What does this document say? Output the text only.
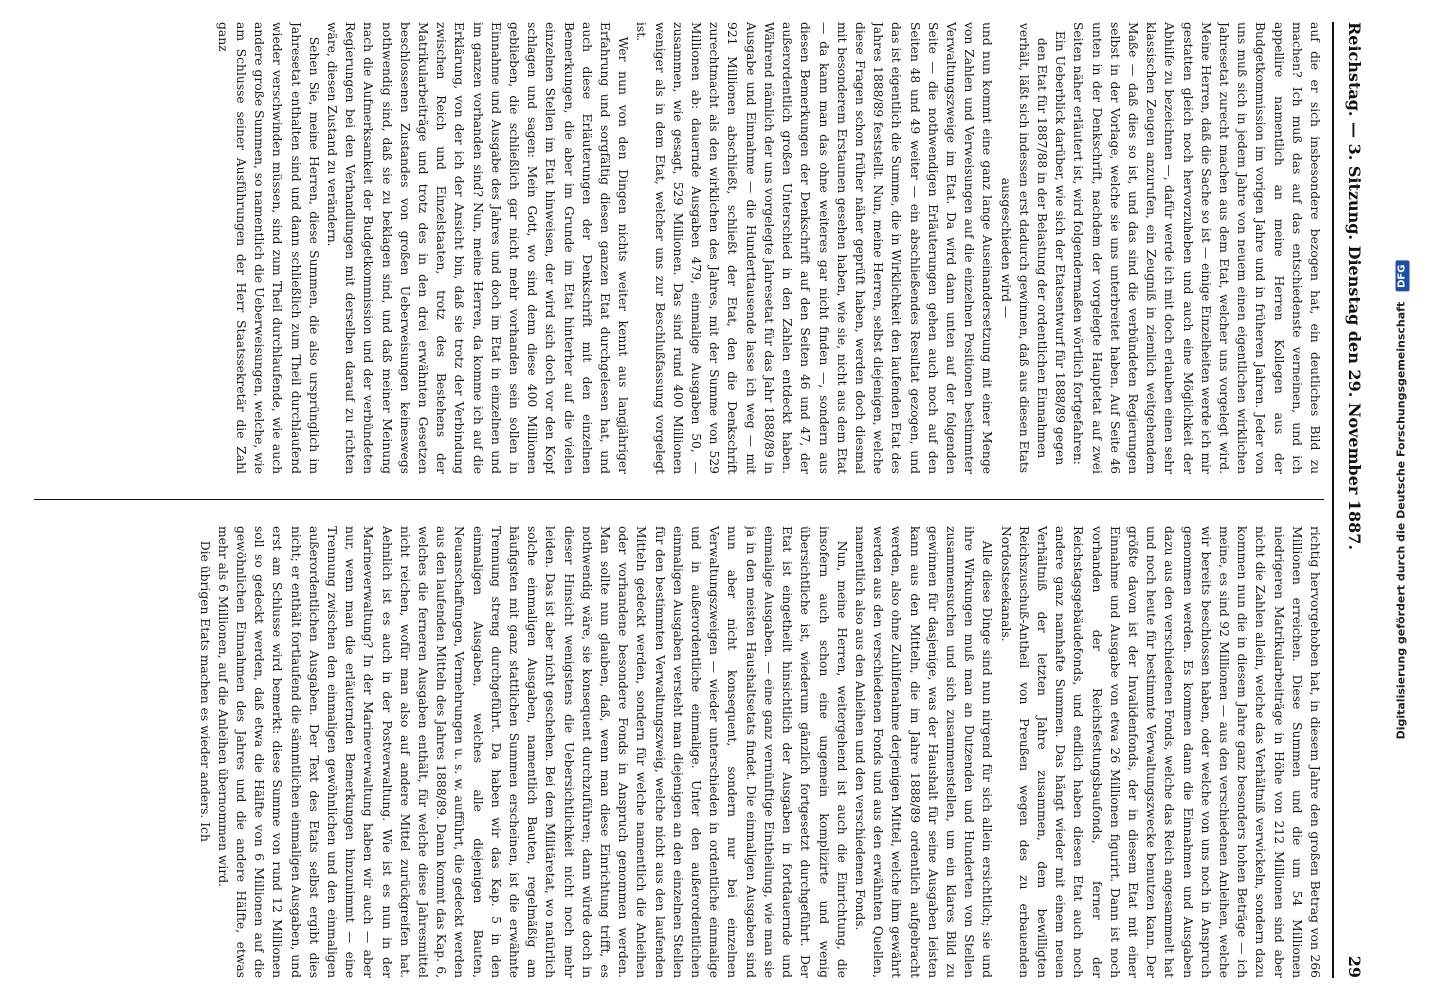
Reichstag. — 3. Sitzung. Dienstag den 29. November 1887.
29

auf die er sich insbesondere bezogen hat, ein deutliches Bild zu machen? Ich muß das auf das entschiedenste verneinen, und ich appellire namentlich an meine Herren Kollegen aus der Budgetkommission im vorigen Jahre und in früheren Jahren. Jeder von uns muß sich in jedem Jahre von neuem einen eigentlichen wirklichen Jahresetat zurecht machen aus dem Etat, welcher uns vorgelegt wird. Meine Herren, daß die Sache so ist — einige Einzelheiten werde ich mir gestatten gleich noch hervorzuheben und auch eine Möglichkeit der Abhilfe zu bezeichnen —, dafür werde ich mit doch erlauben einen sehr klassischen Zeugen anzurufen, ein Zeugniß in ziemlich weitgehendem Maße — daß dies so ist, und das sind die verbündeten Regierungen selbst in der Vorlage, welche sie uns unterbreitet haben. Auf Seite 46 unten in der Denkschrift, nachdem der vorgelegte Hauptetat auf zwei Seiten näher erläutert ist, wird folgendermaßen wörtlich fortgefahren:

Ein Ueberblick darüber, wie sich der Etatsentwurf für 1888/89 gegen den Etat für 1887/88 in der Belastung der ordentlichen Einnahmen verhält, läßt sich indessen erst dadurch gewinnen, daß aus diesen Etats ausgeschieden wird —

und nun kommt eine ganz lange Auseinandersetzung mit einer Menge von Zahlen und Verweisungen auf die einzelnen Positionen bestimmter Verwaltungszweige im Etat. Da wird dann unten auf der folgenden Seite — die nothwendigen Erläuterungen gehen auch noch auf den Seiten 48 und 49 weiter — ein abschließendes Resultat gezogen, und das ist eigentlich die Summe, die in Wirklichkeit den laufenden Etat des Jahres 1888/89 feststellt. Nun, meine Herren, selbst diejenigen, welche diese Fragen schon früher näher geprüft haben, werden doch diesmal mit besonderem Erstaunen gesehen haben, wie sie, nicht aus dem Etat — da kann man das ohne weiteres gar nicht finden —, sondern aus diesen Bemerkungen der Denkschrift auf den Seiten 46 und 47, der außerordentlich großen Unterschied in den Zahlen entdeckt haben. Während nämlich der uns vorgelegte Jahresetat für das Jahr 1888/89 in Ausgabe und Einnahme — die Hunderttausende lasse ich weg — mit 921 Millionen abschließt, schließt der Etat, den die Denkschrift zurechtmacht als den wirklichen des Jahres, mit der Summe von 529 Millionen ab: dauernde Ausgaben 479, einmalige Ausgaben 50, — zusammen, wie gesagt, 529 Millionen. Das sind rund 400 Millionen weniger als in dem Etat, welcher uns zur Beschlußfassung vorgelegt ist.

Wer nun von den Dingen nichts weiter kennt aus langjähriger Erfahrung und sorgfältig diesen ganzen Etat durchgelesen hat, und auch diese Erläuterungen der Denkschrift mit den einzelnen Bemerkungen, die aber im Grunde im Etat hinterher auf die vielen einzelnen Stellen im Etat hinweisen, der wird sich doch vor den Kopf schlagen und sagen: Mein Gott, wo sind denn diese 400 Millionen geblieben, die schließlich gar nicht mehr vorhanden sein sollen in Einnahme und Ausgabe des Jahres und doch im Etat in einzelnen und im ganzen vorhanden sind? Nun, meine Herren, da komme ich auf die Erklärung, von der ich der Ansicht bin, daß sie trotz der Verbindung zwischen Reich und Einzelstaaten, trotz des Bestehens der Matrikularbeiträge und trotz des in den drei erwähnten Gesetzen beschlossenen Zustandes von großen Ueberweisungen keineswegs nothwendig sind, daß sie zu beklagen sind, und daß meiner Meinung nach die Aufmerksamkeit der Budgetkommission und der verbündeten Regierungen bei den Verhandlungen mit derselben darauf zu richten wäre, diesen Zustand zu verändern.

Sehen Sie, meine Herren, diese Summen, die also ursprünglich im Jahresetat enthalten sind und dann schließlich zum Theil durchlaufend wieder verschwinden müssen, sind zum Theil durchlaufende, wie auch andere große Summen, so namentlich die Ueberweisungen, welche, wie am Schlusse seiner Ausführungen der Herr Staatssekretär die Zahl ganz

richtig hervorgehoben hat, in diesem Jahre den großen Betrag von 266 Millionen erreichen. Diese Summen und die um 54 Millionen niedrigeren Matrikularbeiträge in Höhe von 212 Millionen sind aber nicht die Zahlen allein, welche das Verhältniß verwickeln, sondern dazu kommen nun die in diesem Jahre ganz besonders hohen Beträge — ich meine, es sind 92 Millionen — aus den verschiedenen Anleihen, welche wir bereits beschlossen haben, oder welche von uns noch in Anspruch genommen werden. Es kommen dann die Einnahmen und Ausgaben dazu aus den verschiedenen Fonds, welche das Reich angesammelt hat und noch heute für bestimmte Verwaltungszwecke benutzen kann. Der größte davon ist der Invalidenfonds, der in diesem Etat mit einer Einnahme und Ausgabe von etwa 26 Millionen figurirt. Dann ist noch vorhanden der Reichsfestungsbaufonds, ferner der Reichstagsgebäudefonds, und endlich haben diesen Etat auch noch andere ganz namhafte Summen. Das hängt wieder mit einem neuen Verhältniß der letzten Jahre zusammen, dem bewilligten Reichszuschuß-Antheil von Preußen wegen des zu erbauenden Nordostseekanals.

Alle diese Dinge sind nun nirgend für sich allein ersichtlich; sie und ihre Wirkungen muß man an Dutzenden und Hunderten von Stellen zusammensuchen und sich zusammenstellen, um ein klares Bild zu gewinnen für dasjenige, was der Haushalt für seine Ausgaben leisten kann aus den Mitteln, die im Jahre 1888/89 ordentlich aufgebracht werden, also ohne Zuhilfenahme derjenigen Mittel, welche ihm gewährt werden aus den verschiedenen Fonds und aus den erwähnten Quellen, namentlich also aus den Anleihen und den verschiedenen Fonds.

Nun, meine Herren, weitergehend ist auch die Einrichtung, die insofern auch schon eine ungemein komplizirte und wenig übersichtliche ist, wiederum gänzlich fortgesetzt durchgeführt. Der Etat ist eingetheilt hinsichtlich der Ausgaben in fortdauernde und einmalige Ausgaben. — eine ganz vernünftige Eintheilung, wie man sie ja in den meisten Haushaltsetats findet. Die einmaligen Ausgaben sind nun aber nicht konsequent, sondern nur bei einzelnen Verwaltungszweigen — wieder unterschieden in ordentliche einmalige und in außerordentliche einmalige. Unter den außerordentlichen einmaligen Ausgaben versteht man diejenigen an den einzelnen Stellen für den bestimmten Verwaltungszweig, welche nicht aus den laufenden Mitteln gedeckt werden, sondern für welche namentlich die Anleihen oder vorhandene besondere Fonds in Anspruch genommen werden. Man sollte nun glauben, daß, wenn man diese Einrichtung trifft, es nothwendig wäre, sie konsequent durchzuführen; dann würde doch in dieser Hinsicht wenigstens die Uebersichtlichkeit nicht noch mehr leiden. Das ist aber nicht geschehen. Bei dem Militäretat, wo natürlich solche einmaligen Ausgaben, namentlich Bauten, regelmäßig am häufigsten mit ganz stattlichen Summen erscheinen, ist die erwähnte Trennung streng durchgeführt. Da haben wir das Kap. 5 in den einmaligen Ausgaben, welches alle diejenigen Bauten, Neuanschaffungen, Vermehrungen u. s. w. aufführt, die gedeckt werden aus den laufenden Mitteln des Jahres 1888/89. Dann kommt das Kap. 6, welches die ferneren Ausgaben enthält, für welche diese Jahresmittel nicht reichen, wofür man also auf andere Mittel zurückgreifen hat. Aehnlich ist es auch in der Postverwaltung. Wie ist es nun in der Marineverwaltung? In der Marineverwaltung haben wir auch — aber nur, wenn man die erläuternden Bemerkungen hinzunimmt — eine Trennung zwischen den einmaligen gewöhnlichen und den einmaligen außerordentlichen Ausgaben. Der Text des Etats selbst ergibt dies nicht; er enthält fortlaufend die sämmtlichen einmaligen Ausgaben, und erst am Schlusse wird bemerkt: diese Summe von rund 12 Millionen soll so gedeckt werden, daß etwa die Hälfte von 6 Millionen auf die gewöhnlichen Einnahmen des Jahres und die andere Hälfte, etwas mehr als 6 Millionen, auf die Anleihen übernommen wird.

Die übrigen Etats machen es wieder anders. Ich	Digitalisierung gefördert durch die Deutsche Forschungsgemeinschaft DFG
